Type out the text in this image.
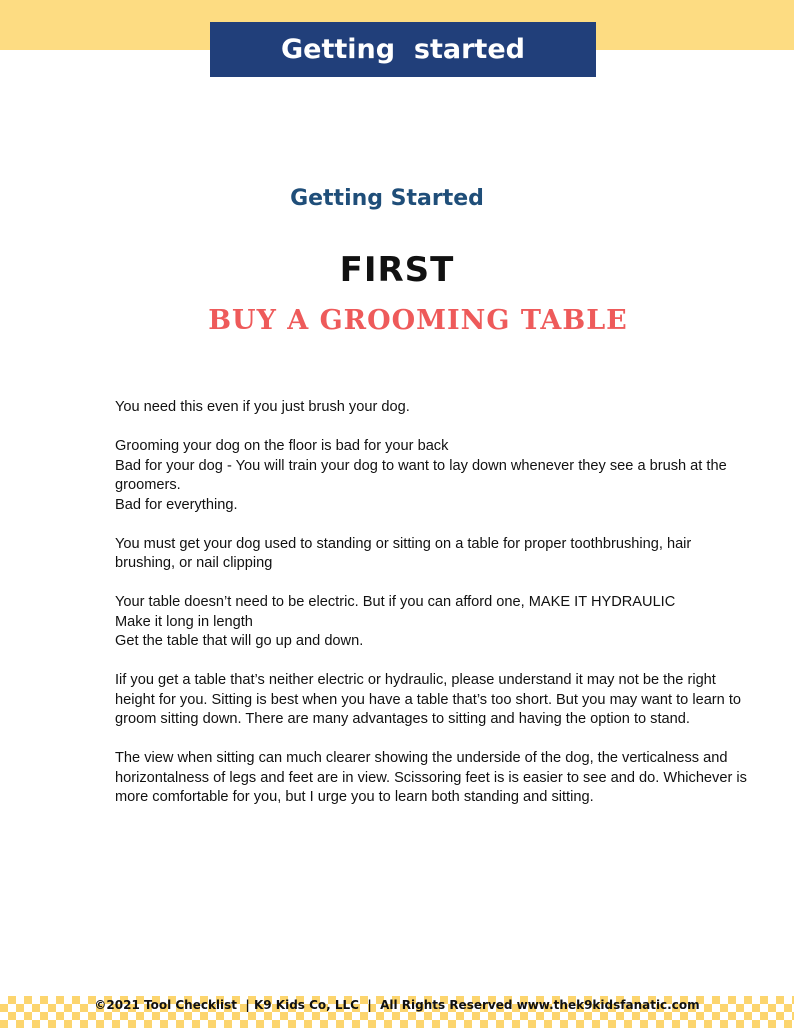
Getting  started
Getting Started
FIRST
BUY A GROOMING TABLE

You need this even if you just brush your dog.

Grooming your dog on the floor is bad for your back
Bad for your dog - You will train your dog to want to lay down whenever they see a brush at the groomers.
Bad for everything.

You must get your dog used to standing or sitting on a table for proper toothbrushing, hair brushing, or nail clipping

Your table doesn’t need to be electric. But if you can afford one, MAKE IT HYDRAULIC
Make it long in length
Get the table that will go up and down.

Iif you get a table that’s neither electric or hydraulic, please understand it may not be the right height for you. Sitting is best when you have a table that’s too short. But you may want to learn to groom sitting down. There are many advantages to sitting and having the option to stand.

The view when sitting can much clearer showing the underside of the dog, the verticalness and horizontalness of legs and feet are in view. Scissoring feet is is easier to see and do. Whichever is more comfortable for you, but I urge you to learn both standing and sitting.

©2021 Tool Checklist  | K9 Kids Co, LLC  |  All Rights Reserved www.thek9kidsfanatic.com
